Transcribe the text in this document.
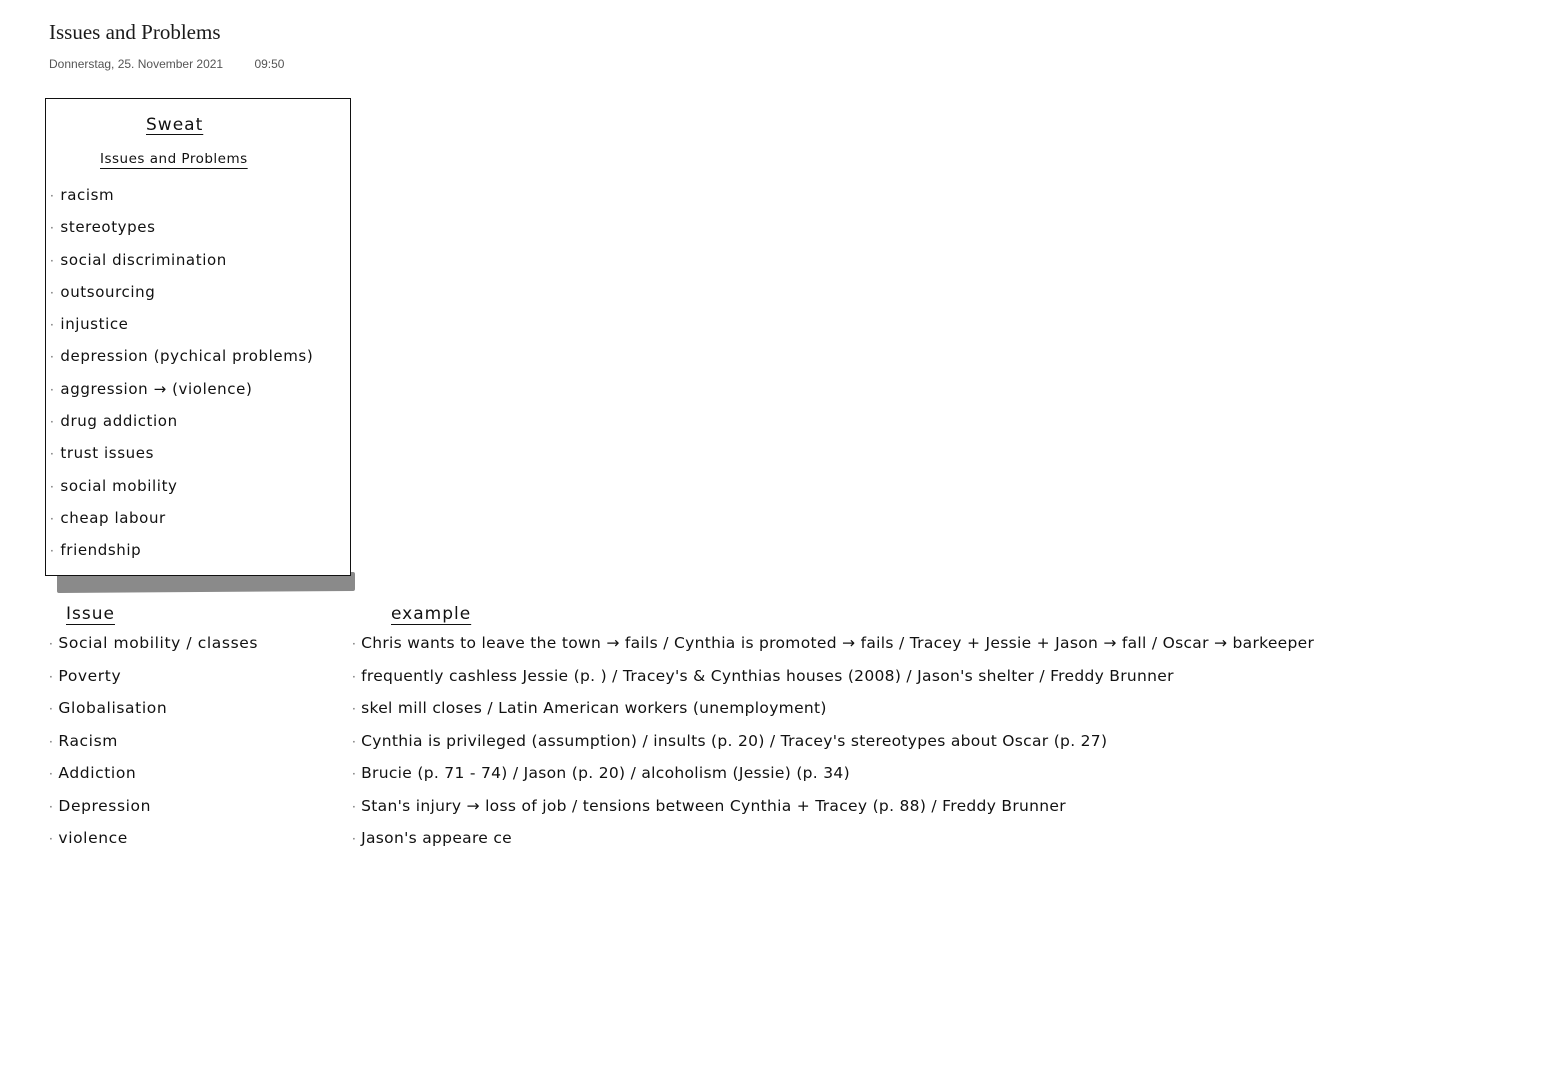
Issues and Problems
Donnerstag, 25. November 2021	09:50
Sweat
Issues and Problems
· racism
· stereotypes
· social discrimination
· outsourcing
· injustice
· depression (pychical problems)
· aggression → (violence)
· drug addiction
· trust issues
· social mobility
· cheap labour
· friendship
Issue	example
· Social mobility / classes	· Chris wants to leave the town → fails / Cynthia is promoted → fails / Tracey + Jessie + Jason → fall / Oscar → barkeeper
· Poverty	· frequently cashless Jessie (p. ) / Tracey's & Cynthias houses (2008) / Jason's shelter / Freddy Brunner
· Globalisation	· skel mill closes / Latin American workers (unemployment)
· Racism	· Cynthia is privileged (assumption) / insults (p. 20) / Tracey's stereotypes about Oscar (p. 27)
· Addiction	· Brucie (p. 71 - 74) / Jason (p. 20) / alcoholism (Jessie) (p. 34)
· Depression	· Stan's injury → loss of job / tensions between Cynthia + Tracey (p. 88) / Freddy Brunner
· violence	· Jason's appeare ce
